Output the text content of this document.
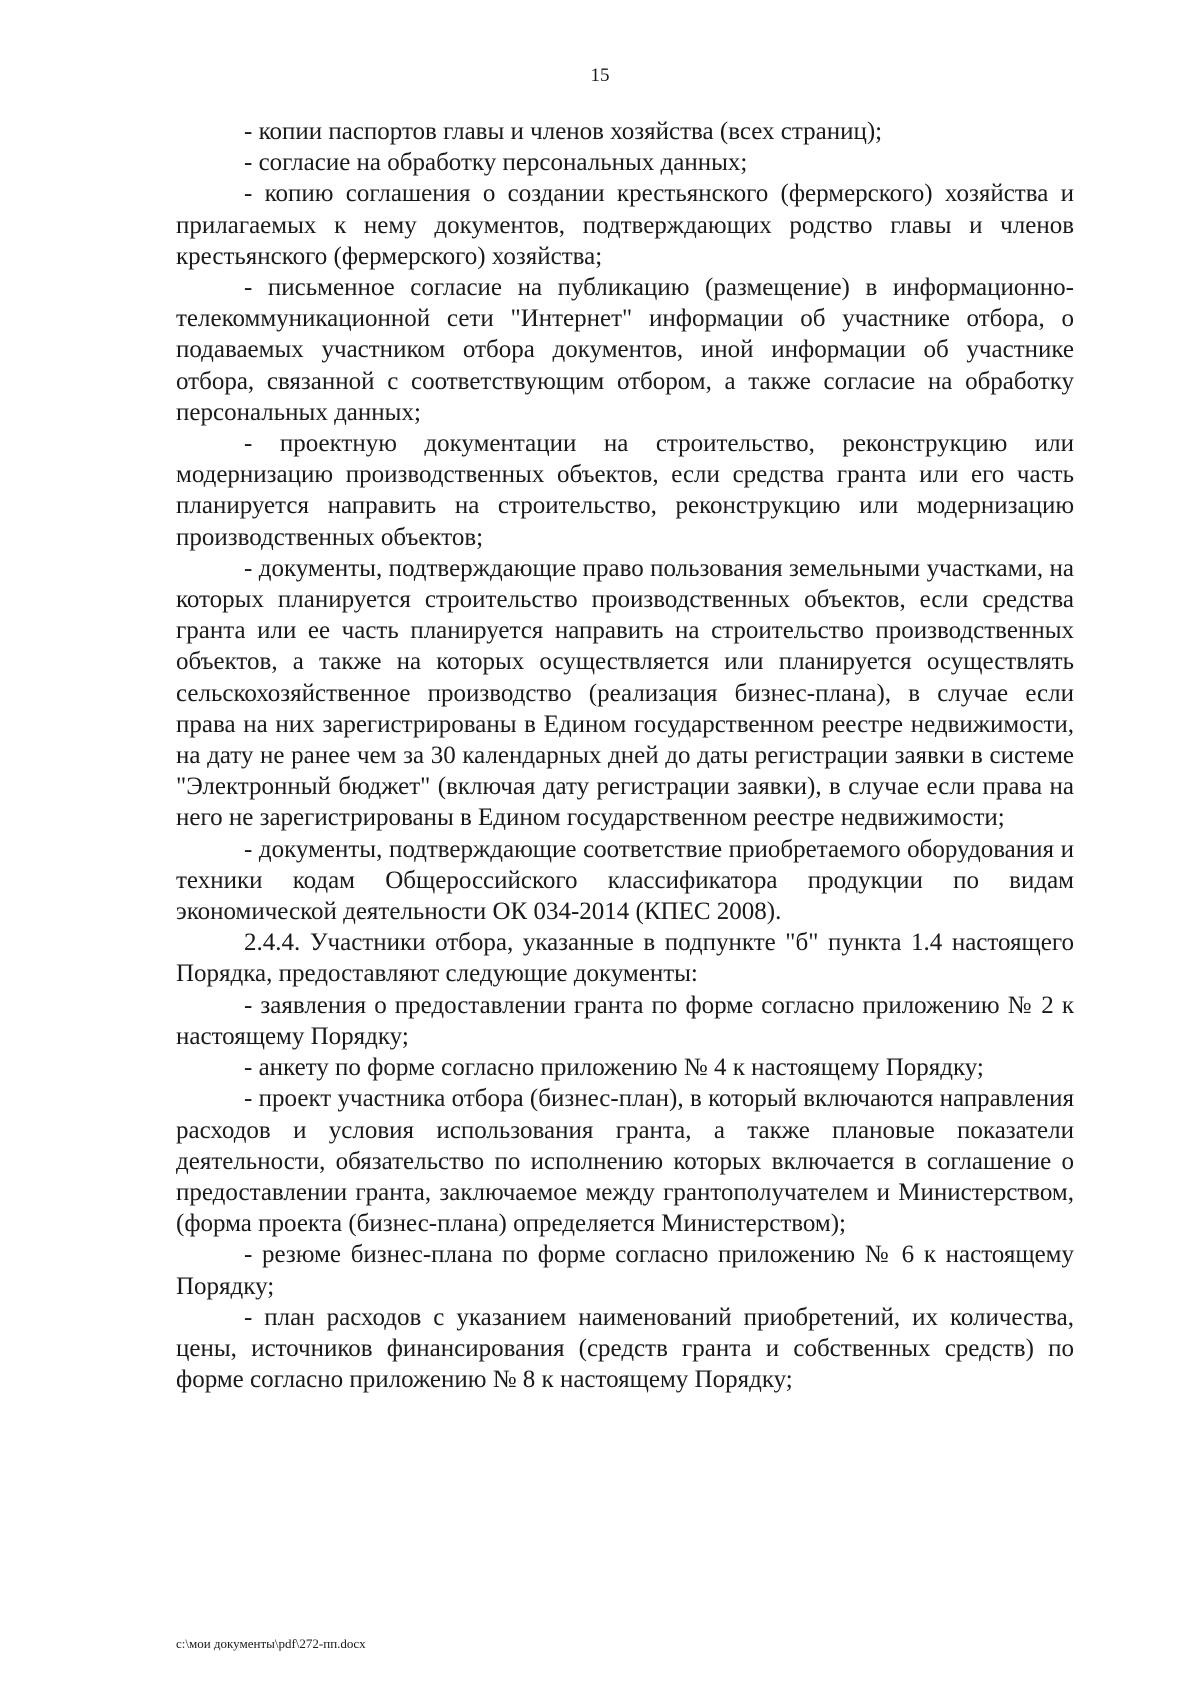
15

- копии паспортов главы и членов хозяйства (всех страниц);

- согласие на обработку персональных данных;

- копию соглашения о создании крестьянского (фермерского) хозяйства и прилагаемых к нему документов, подтверждающих родство главы и членов крестьянского (фермерского) хозяйства;

- письменное согласие на публикацию (размещение) в информационно-телекоммуникационной сети "Интернет" информации об участнике отбора, о подаваемых участником отбора документов, иной информации об участнике отбора, связанной с соответствующим отбором, а также согласие на обработку персональных данных;

- проектную документации на строительство, реконструкцию или модернизацию производственных объектов, если средства гранта или его часть планируется направить на строительство, реконструкцию или модернизацию производственных объектов;

- документы, подтверждающие право пользования земельными участками, на которых планируется строительство производственных объектов, если средства гранта или ее часть планируется направить на строительство производственных объектов, а также на которых осуществляется или планируется осуществлять сельскохозяйственное производство (реализация бизнес-плана), в случае если права на них зарегистрированы в Едином государственном реестре недвижимости, на дату не ранее чем за 30 календарных дней до даты регистрации заявки в системе "Электронный бюджет" (включая дату регистрации заявки), в случае если права на него не зарегистрированы в Едином государственном реестре недвижимости;

- документы, подтверждающие соответствие приобретаемого оборудования и техники кодам Общероссийского классификатора продукции по видам экономической деятельности ОК 034-2014 (КПЕС 2008).

2.4.4. Участники отбора, указанные в подпункте "б" пункта 1.4 настоящего Порядка, предоставляют следующие документы:

- заявления о предоставлении гранта по форме согласно приложению № 2 к настоящему Порядку;

- анкету по форме согласно приложению № 4 к настоящему Порядку;

- проект участника отбора (бизнес-план), в который включаются направления расходов и условия использования гранта, а также плановые показатели деятельности, обязательство по исполнению которых включается в соглашение о предоставлении гранта, заключаемое между грантополучателем и Министерством, (форма проекта (бизнес-плана) определяется Министерством);

- резюме бизнес-плана по форме согласно приложению № 6 к настоящему Порядку;

- план расходов с указанием наименований приобретений, их количества, цены, источников финансирования (средств гранта и собственных средств) по форме согласно приложению № 8 к настоящему Порядку;

c:\мои документы\pdf\272-пп.docx
